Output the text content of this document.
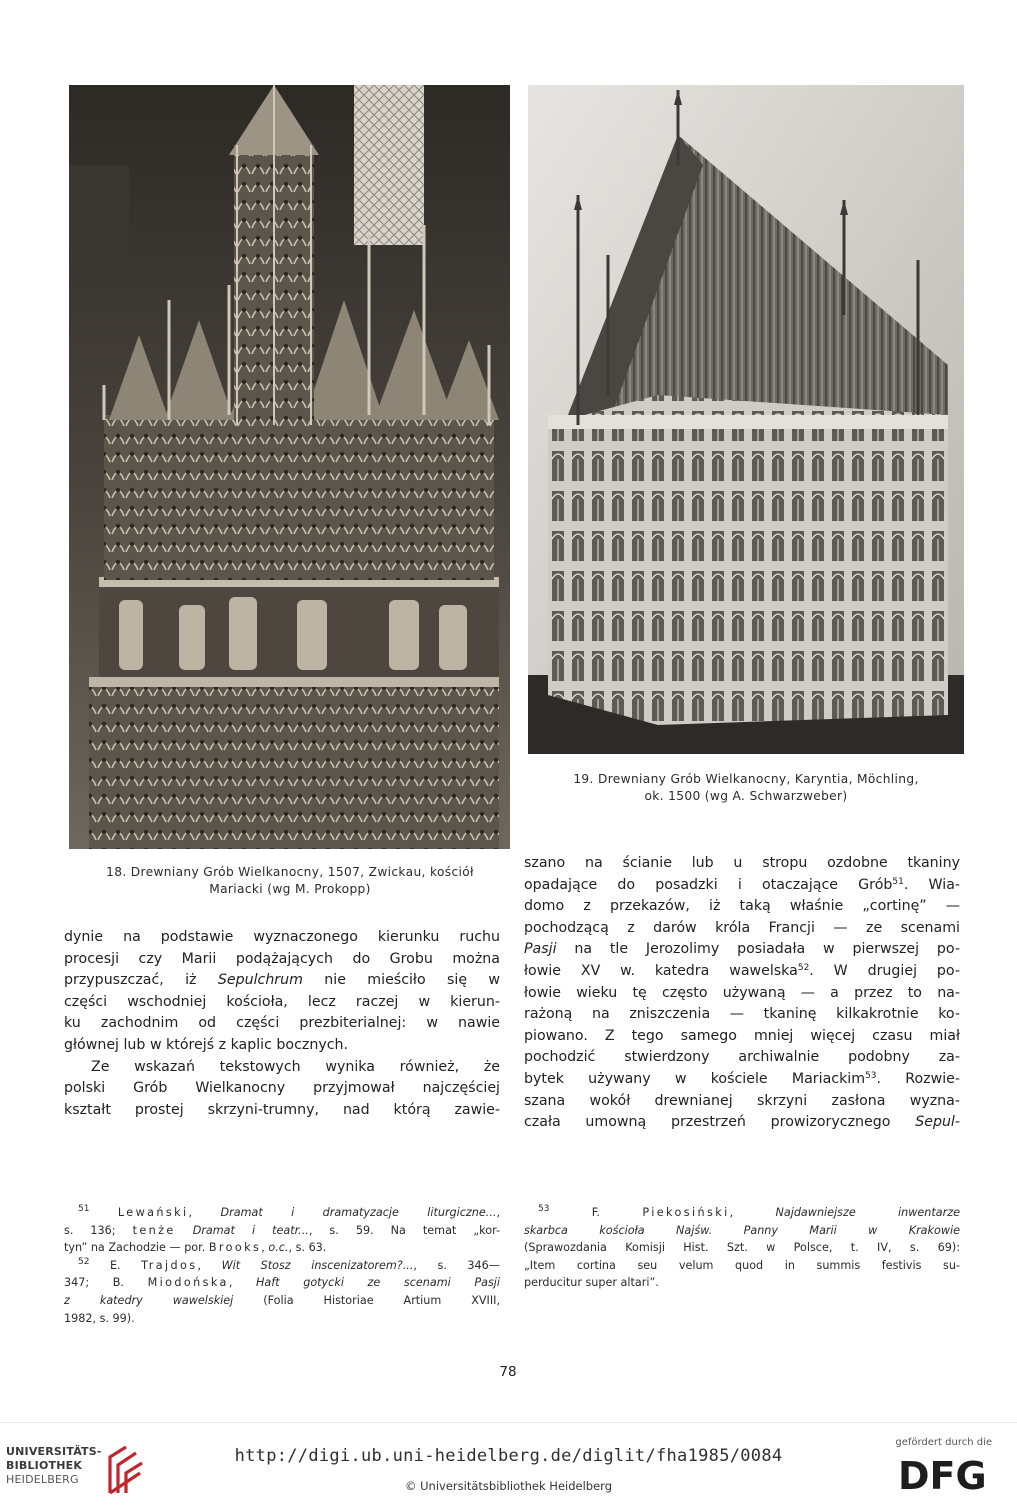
19. Drewniany Grób Wielkanocny, Karyntia, Möchling,
ok. 1500 (wg A. Schwarzweber)
18. Drewniany Grób Wielkanocny, 1507, Zwickau, kościół
Mariacki (wg M. Prokopp)
dynie na podstawie wyznaczonego kierunku ruchu
procesji czy Marii podążających do Grobu można
przypuszczać, iż Sepulchrum nie mieściło się w
części wschodniej kościoła, lecz raczej w kierun-
ku zachodnim od części prezbiterialnej: w nawie
głównej lub w którejś z kaplic bocznych.
Ze wskazań tekstowych wynika również, że
polski Grób Wielkanocny przyjmował najczęściej
kształt prostej skrzyni-trumny, nad którą zawie-
szano na ścianie lub u stropu ozdobne tkaniny
opadające do posadzki i otaczające Grób$^{51}$. Wia-
domo z przekazów, iż taką właśnie „cortinę” —
pochodzącą z darów króla Francji — ze scenami
Pasji na tle Jerozolimy posiadała w pierwszej po-
łowie XV w. katedra wawelska$^{52}$. W drugiej po-
łowie wieku tę często używaną — a przez to na-
rażoną na zniszczenia — tkaninę kilkakrotnie ko-
piowano. Z tego samego mniej więcej czasu miał
pochodzić stwierdzony archiwalnie podobny za-
bytek używany w kościele Mariackim$^{53}$. Rozwie-
szana wokół drewnianej skrzyni zasłona wyzna-
czała umowną przestrzeń prowizorycznego Sepul-
$^{51}$	Lewański, Dramat i dramatyzacje liturgiczne...,
s. 136; tenże Dramat i teatr..., s. 59. Na temat „kor-
tyn” na Zachodzie — por. Brooks, o.c., s. 63.
$^{52}$ E. Trajdos, Wit Stosz inscenizatorem?..., s. 346—
347; B. Miodońska, Haft gotycki ze scenami Pasji
z katedry wawelskiej (Folia Historiae Artium XVIII,
1982, s. 99).
$^{53}$ F. Piekosiński, Najdawniejsze inwentarze
skarbca kościoła Najśw. Panny Marii w Krakowie
(Sprawozdania Komisji Hist. Szt. w Polsce, t. IV, s. 69):
„Item cortina seu velum quod in summis festivis su-
perducitur super altari”.
78
UNIVERSITÄTS-
BIBLIOTHEK
HEIDELBERG
http://digi.ub.uni-heidelberg.de/diglit/fha1985/0084
© Universitätsbibliothek Heidelberg
gefördert durch die
DFG
